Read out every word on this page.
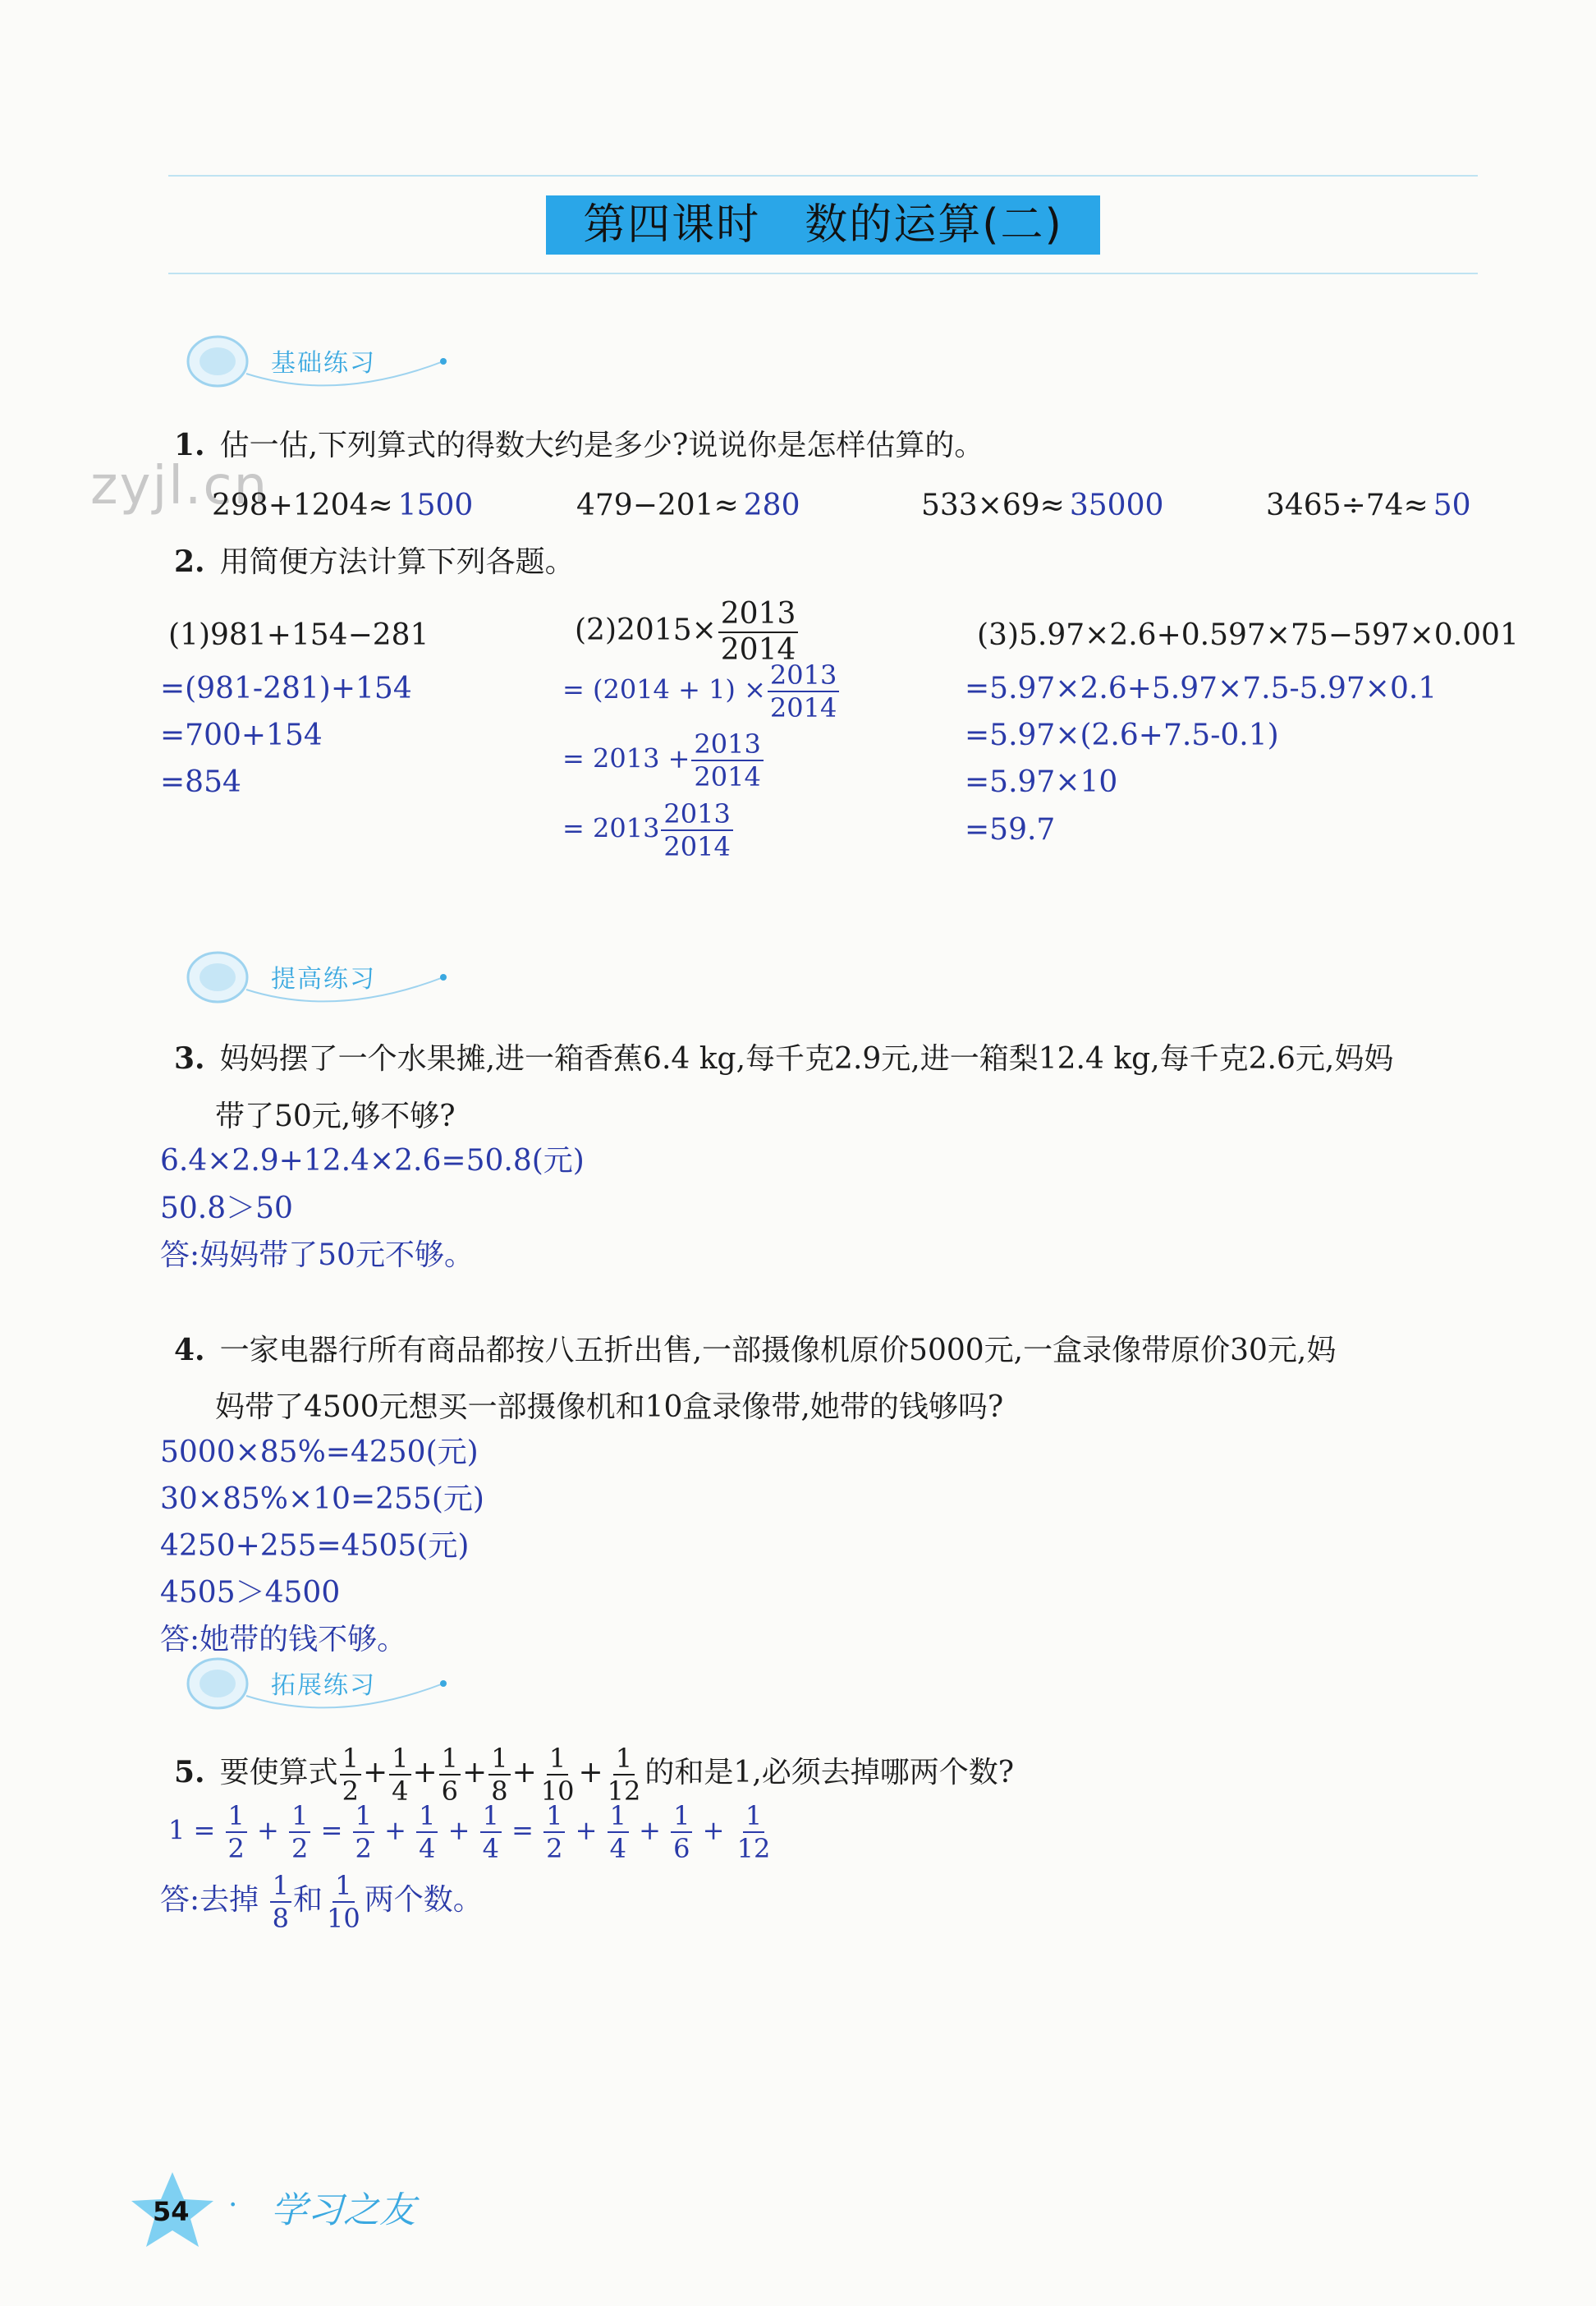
zyjl.cn
第四课时　数的运算(二)
基础练习
1. 估一估,下列算式的得数大约是多少?说说你是怎样估算的。
298+1204≈ 1500	479−201≈ 280	533×69≈ 35000	3465÷74≈ 50
2. 用简便方法计算下列各题。
(1)981+154−281
=(981-281)+154
=700+154
=854
$(2)2015\times \frac{2013}{2014}$
= $(2014 + 1) \times \frac{2013}{2014}$
= $2013 + \frac{2013}{2014}$
= $2013 \frac{2013}{2014}$
(3)5.97×2.6+0.597×75−597×0.001
=5.97×2.6+5.97×7.5-5.97×0.1
=5.97×(2.6+7.5-0.1)
=5.97×10
=59.7
提高练习
3. 妈妈摆了一个水果摊,进一箱香蕉6.4 kg,每千克2.9元,进一箱梨12.4 kg,每千克2.6元,妈妈
带了50元,够不够?
6.4×2.9+12.4×2.6=50.8(元)
50.8＞50
答:妈妈带了50元不够。
4. 一家电器行所有商品都按八五折出售,一部摄像机原价5000元,一盒录像带原价30元,妈
妈带了4500元想买一部摄像机和10盒录像带,她带的钱够吗?
5000×85%=4250(元)
30×85%×10=255(元)
4250+255=4505(元)
4505＞4500
答:她带的钱不够。
拓展练习
5. 要使算式 $\frac{1}{2} + \frac{1}{4} + \frac{1}{6} + \frac{1}{8} + \frac{1}{10} + \frac{1}{12}$ 的和是1,必须去掉哪两个数?
$1 = \frac{1}{2} + \frac{1}{2} = \frac{1}{2} + \frac{1}{4} + \frac{1}{4} = \frac{1}{2} + \frac{1}{4} + \frac{1}{6} + \frac{1}{12}$
答:去掉 $\frac{1}{8}$ 和 $\frac{1}{10}$ 两个数。
54 · 学习之友
